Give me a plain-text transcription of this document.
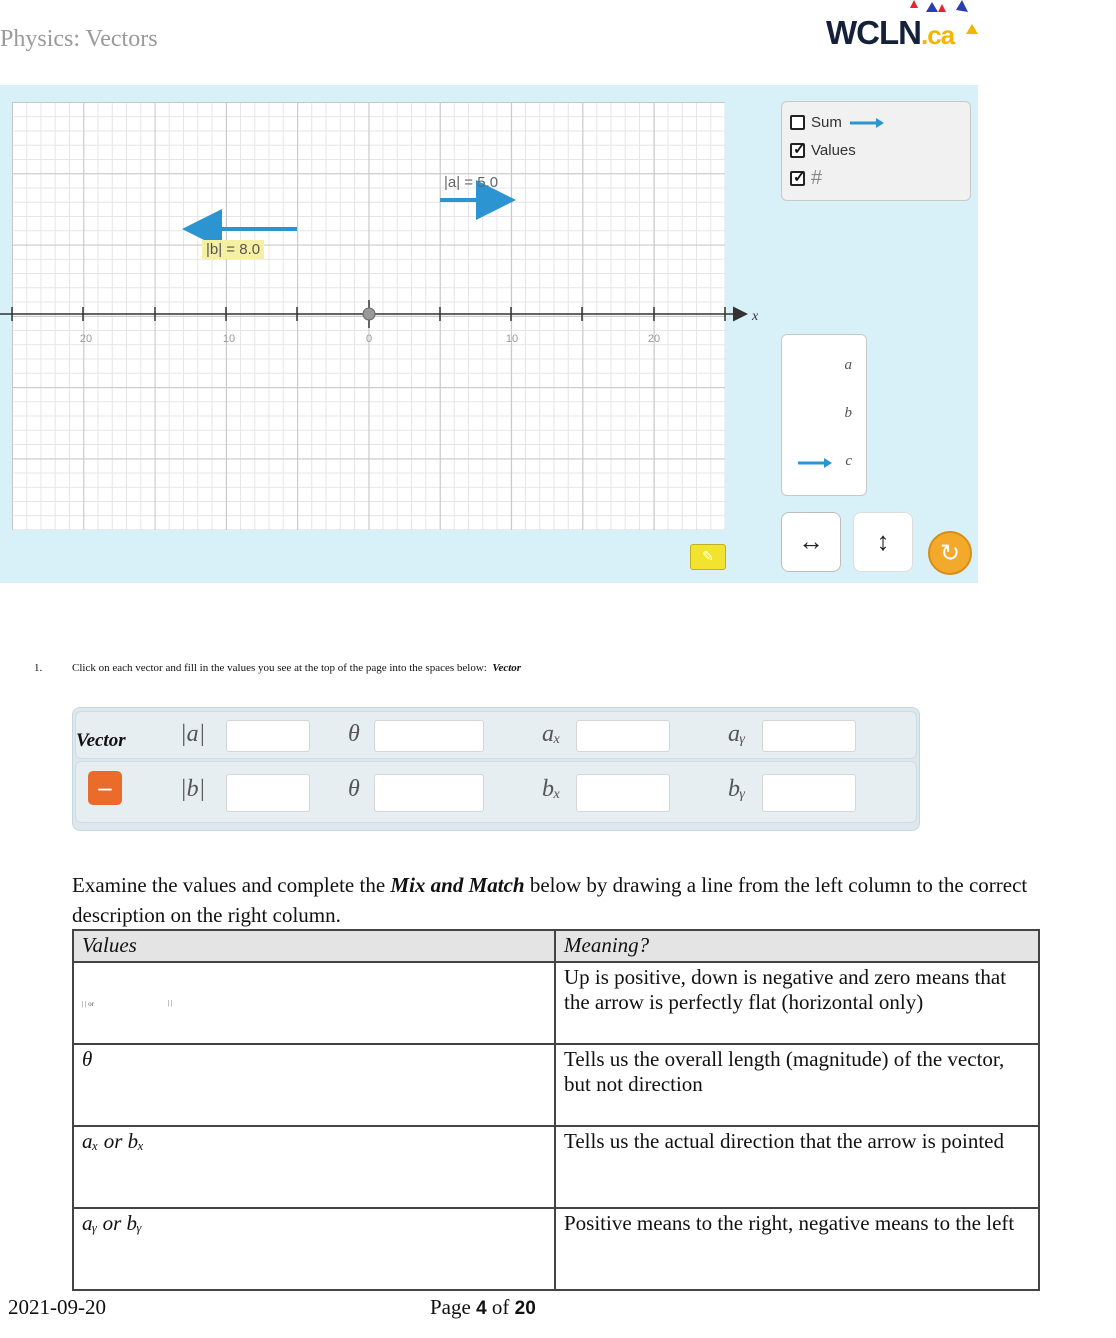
Physics: Vectors	WCLN.ca
20	10	0	10	20
x
|a| = 5.0
|b| = 8.0
Sum
✓
Values
✓
#
a
b
c
↔ ↕ ↻
✎
1.	Click on each vector and fill in the values you see at the top of the page into the spaces below: Vector
Vector |a|	θ	aₓ	aᵧ
–	|b|	θ	bₓ	bᵧ
Examine the values and complete the Mix and Match below by drawing a line from the left column to the correct description on the right column.
Values	Meaning?

| | or | |	Up is positive, down is negative and zero means that the arrow is perfectly flat (horizontal only)
θ	Tells us the overall length (magnitude) of the vector, but not direction
aₓ or bₓ	Tells us the actual direction that the arrow is pointed
aᵧ or bᵧ	Positive means to the right, negative means to the left
2021-09-20	Page 4 of 20
